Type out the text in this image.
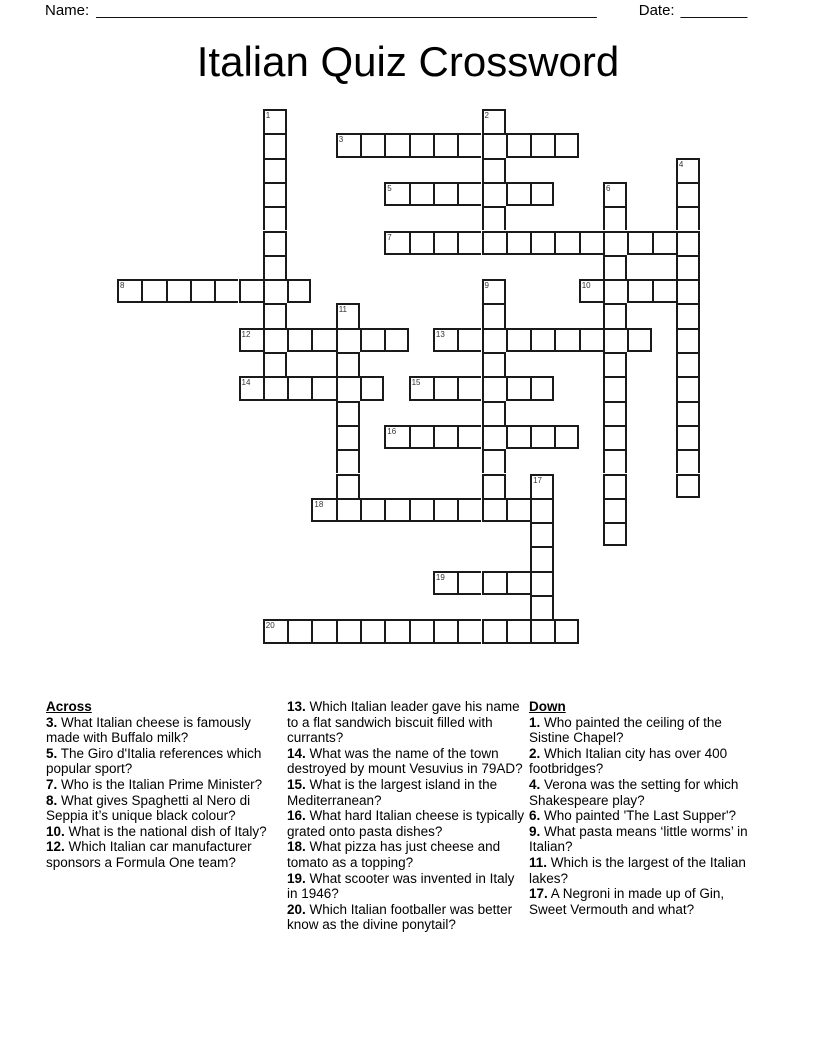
Name: ____________________________________________________________	Date: ________
Italian Quiz Crossword
1	2
3
4
5	6
7
8	9	10
11
12	13
14	15
16
17
18
19
20
Across
3. What Italian cheese is famously made with Buffalo milk?
5. The Giro d'Italia references which popular sport?
7. Who is the Italian Prime Minister?
8. What gives Spaghetti al Nero di Seppia it’s unique black colour?
10. What is the national dish of Italy?
12. Which Italian car manufacturer sponsors a Formula One team?
13. Which Italian leader gave his name to a flat sandwich biscuit filled with currants?
14. What was the name of the town destroyed by mount Vesuvius in 79AD?
15. What is the largest island in the Mediterranean?
16. What hard Italian cheese is typically grated onto pasta dishes?
18. What pizza has just cheese and tomato as a topping?
19. What scooter was invented in Italy in 1946?
20. Which Italian footballer was better know as the divine ponytail?
Down
1. Who painted the ceiling of the Sistine Chapel?
2. Which Italian city has over 400 footbridges?
4. Verona was the setting for which Shakespeare play?
6. Who painted 'The Last Supper'?
9. What pasta means ‘little worms’ in Italian?
11. Which is the largest of the Italian lakes?
17. A Negroni in made up of Gin, Sweet Vermouth and what?
